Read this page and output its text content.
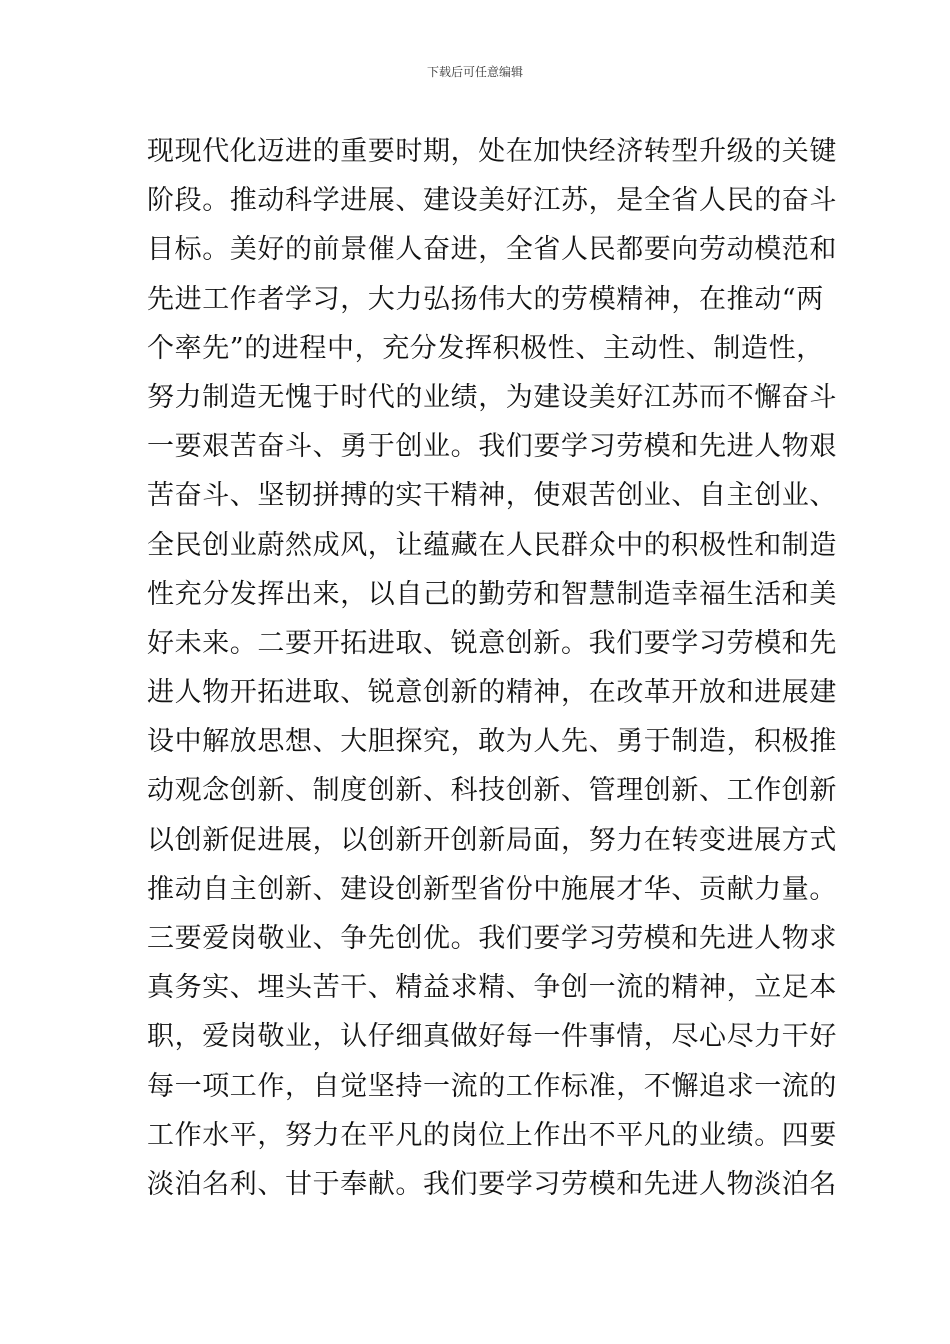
下载后可任意编辑
现现代化迈进的重要时期，处在加快经济转型升级的关键
阶段。推动科学进展、建设美好江苏，是全省人民的奋斗
目标。美好的前景催人奋进，全省人民都要向劳动模范和
先进工作者学习，大力弘扬伟大的劳模精神，在推动“两
个率先”的进程中，充分发挥积极性、主动性、制造性，
努力制造无愧于时代的业绩，为建设美好江苏而不懈奋斗
一要艰苦奋斗、勇于创业。我们要学习劳模和先进人物艰
苦奋斗、坚韧拼搏的实干精神，使艰苦创业、自主创业、
全民创业蔚然成风，让蕴藏在人民群众中的积极性和制造
性充分发挥出来，以自己的勤劳和智慧制造幸福生活和美
好未来。二要开拓进取、锐意创新。我们要学习劳模和先
进人物开拓进取、锐意创新的精神，在改革开放和进展建
设中解放思想、大胆探究，敢为人先、勇于制造，积极推
动观念创新、制度创新、科技创新、管理创新、工作创新
以创新促进展，以创新开创新局面，努力在转变进展方式
推动自主创新、建设创新型省份中施展才华、贡献力量。
三要爱岗敬业、争先创优。我们要学习劳模和先进人物求
真务实、埋头苦干、精益求精、争创一流的精神，立足本
职，爱岗敬业，认仔细真做好每一件事情，尽心尽力干好
每一项工作，自觉坚持一流的工作标准，不懈追求一流的
工作水平，努力在平凡的岗位上作出不平凡的业绩。四要
淡泊名利、甘于奉献。我们要学习劳模和先进人物淡泊名
